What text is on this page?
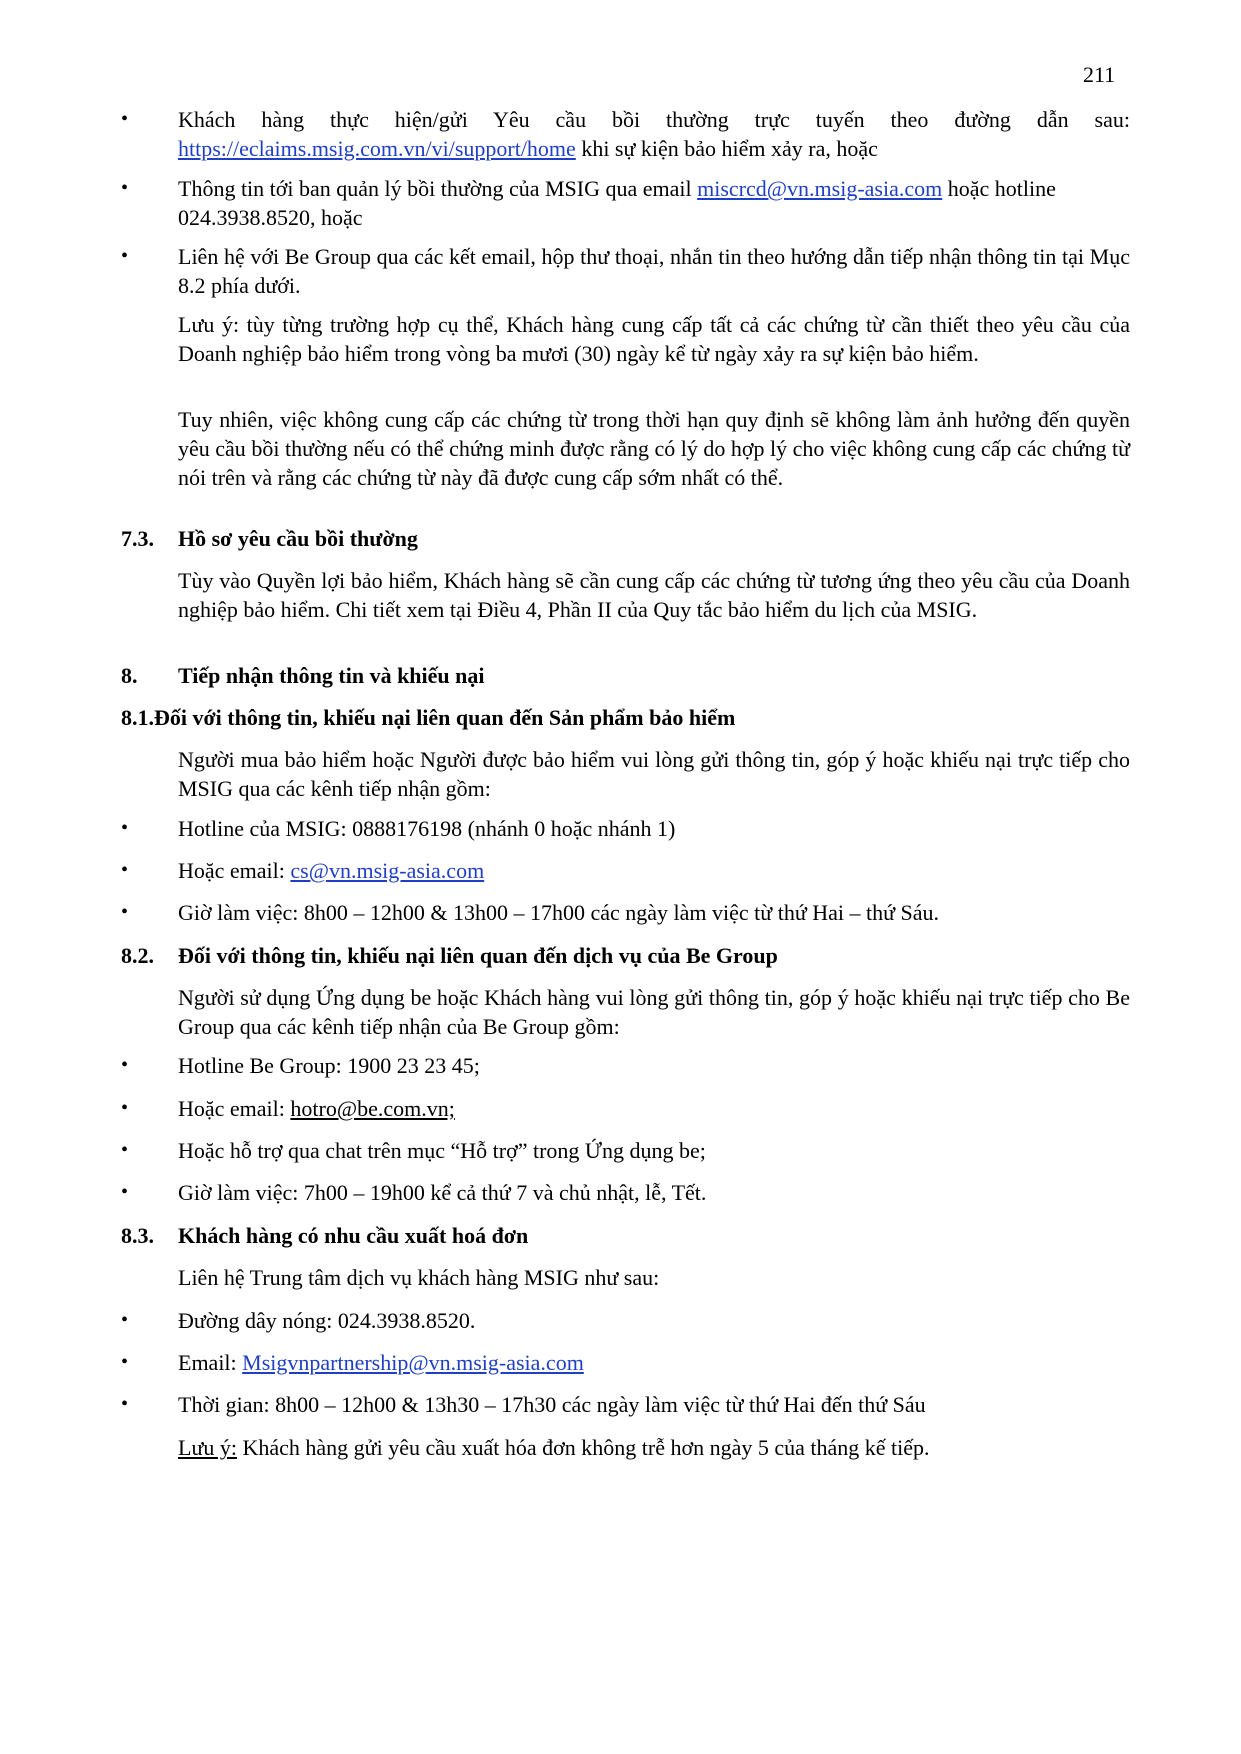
211
• Khách hàng thực hiện/gửi Yêu cầu bồi thường trực tuyến theo đường dẫn sau: https://eclaims.msig.com.vn/vi/support/home khi sự kiện bảo hiểm xảy ra, hoặc
• Thông tin tới ban quản lý bồi thường của MSIG qua email miscrcd@vn.msig-asia.com hoặc hotline 024.3938.8520, hoặc
• Liên hệ với Be Group qua các kết email, hộp thư thoại, nhắn tin theo hướng dẫn tiếp nhận thông tin tại Mục 8.2 phía dưới.
Lưu ý: tùy từng trường hợp cụ thể, Khách hàng cung cấp tất cả các chứng từ cần thiết theo yêu cầu của Doanh nghiệp bảo hiểm trong vòng ba mươi (30) ngày kể từ ngày xảy ra sự kiện bảo hiểm.
Tuy nhiên, việc không cung cấp các chứng từ trong thời hạn quy định sẽ không làm ảnh hưởng đến quyền yêu cầu bồi thường nếu có thể chứng minh được rằng có lý do hợp lý cho việc không cung cấp các chứng từ nói trên và rằng các chứng từ này đã được cung cấp sớm nhất có thể.
7.3. Hồ sơ yêu cầu bồi thường
Tùy vào Quyền lợi bảo hiểm, Khách hàng sẽ cần cung cấp các chứng từ tương ứng theo yêu cầu của Doanh nghiệp bảo hiểm. Chi tiết xem tại Điều 4, Phần II của Quy tắc bảo hiểm du lịch của MSIG.
8. Tiếp nhận thông tin và khiếu nại
8.1.Đối với thông tin, khiếu nại liên quan đến Sản phẩm bảo hiểm
Người mua bảo hiểm hoặc Người được bảo hiểm vui lòng gửi thông tin, góp ý hoặc khiếu nại trực tiếp cho MSIG qua các kênh tiếp nhận gồm:
• Hotline của MSIG: 0888176198 (nhánh 0 hoặc nhánh 1)
• Hoặc email: cs@vn.msig-asia.com
• Giờ làm việc: 8h00 – 12h00 & 13h00 – 17h00 các ngày làm việc từ thứ Hai – thứ Sáu.
8.2. Đối với thông tin, khiếu nại liên quan đến dịch vụ của Be Group
Người sử dụng Ứng dụng be hoặc Khách hàng vui lòng gửi thông tin, góp ý hoặc khiếu nại trực tiếp cho Be Group qua các kênh tiếp nhận của Be Group gồm:
• Hotline Be Group: 1900 23 23 45;
• Hoặc email: hotro@be.com.vn;
• Hoặc hỗ trợ qua chat trên mục “Hỗ trợ” trong Ứng dụng be;
• Giờ làm việc: 7h00 – 19h00 kể cả thứ 7 và chủ nhật, lễ, Tết.
8.3. Khách hàng có nhu cầu xuất hoá đơn
Liên hệ Trung tâm dịch vụ khách hàng MSIG như sau:
• Đường dây nóng: 024.3938.8520.
• Email: Msigvnpartnership@vn.msig-asia.com
• Thời gian: 8h00 – 12h00 & 13h30 – 17h30 các ngày làm việc từ thứ Hai đến thứ Sáu
Lưu ý: Khách hàng gửi yêu cầu xuất hóa đơn không trễ hơn ngày 5 của tháng kế tiếp.
